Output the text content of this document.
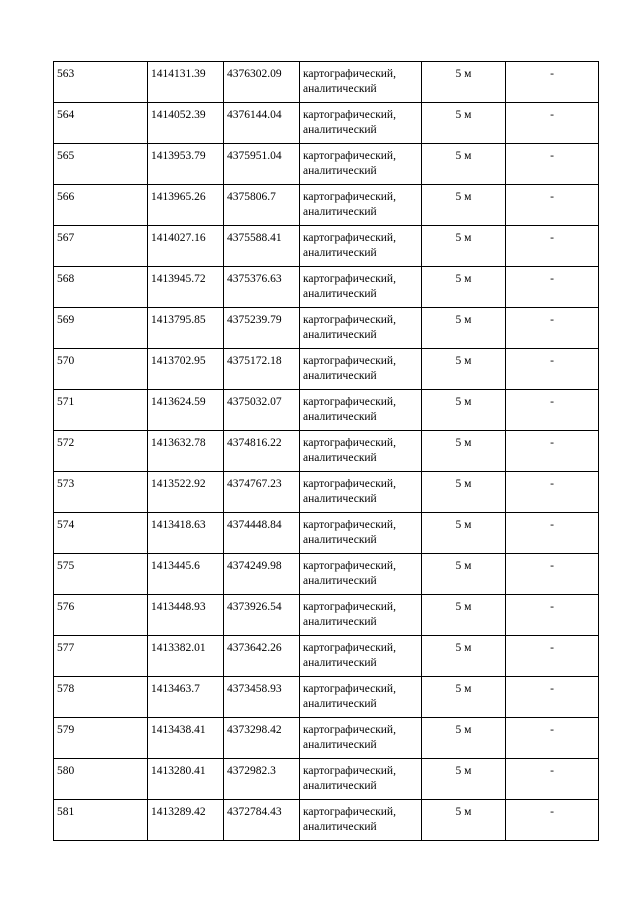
563	1414131.39	4376302.09	картографический, аналитический	5 м	-

564	1414052.39	4376144.04	картографический, аналитический	5 м	-

565	1413953.79	4375951.04	картографический, аналитический	5 м	-

566	1413965.26	4375806.7	картографический, аналитический	5 м	-

567	1414027.16	4375588.41	картографический, аналитический	5 м	-

568	1413945.72	4375376.63	картографический, аналитический	5 м	-

569	1413795.85	4375239.79	картографический, аналитический	5 м	-

570	1413702.95	4375172.18	картографический, аналитический	5 м	-

571	1413624.59	4375032.07	картографический, аналитический	5 м	-

572	1413632.78	4374816.22	картографический, аналитический	5 м	-

573	1413522.92	4374767.23	картографический, аналитический	5 м	-

574	1413418.63	4374448.84	картографический, аналитический	5 м	-

575	1413445.6	4374249.98	картографический, аналитический	5 м	-

576	1413448.93	4373926.54	картографический, аналитический	5 м	-

577	1413382.01	4373642.26	картографический, аналитический	5 м	-

578	1413463.7	4373458.93	картографический, аналитический	5 м	-

579	1413438.41	4373298.42	картографический, аналитический	5 м	-

580	1413280.41	4372982.3	картографический, аналитический	5 м	-

581	1413289.42	4372784.43	картографический, аналитический	5 м	-
